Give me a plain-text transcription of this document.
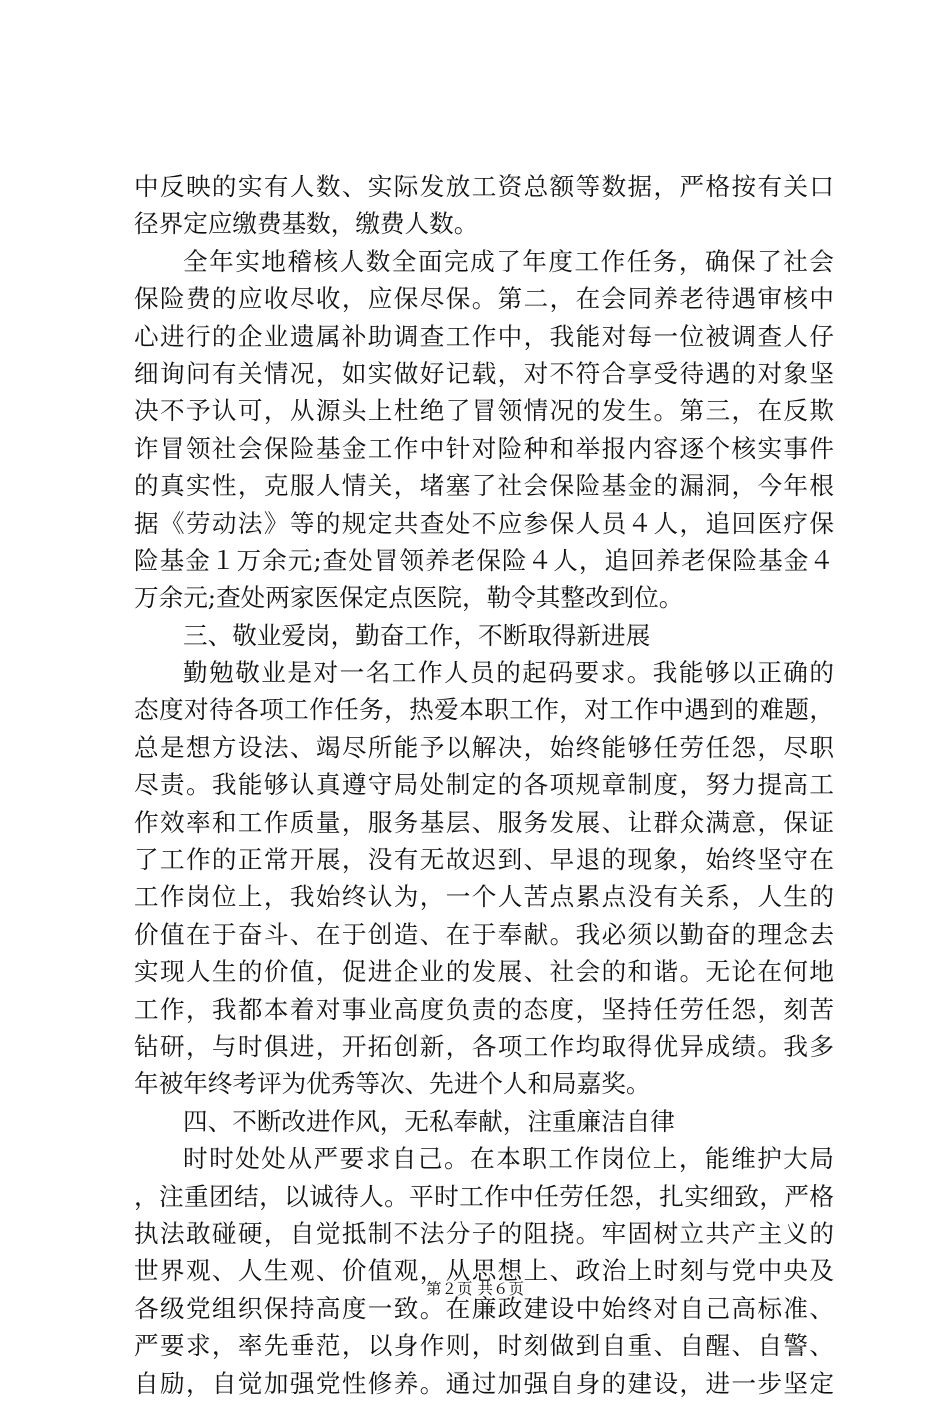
中反映的实有人数、实际发放工资总额等数据，严格按有关口
径界定应缴费基数，缴费人数。
全年实地稽核人数全面完成了年度工作任务，确保了社会
保险费的应收尽收，应保尽保。第二，在会同养老待遇审核中
心进行的企业遗属补助调查工作中，我能对每一位被调查人仔
细询问有关情况，如实做好记载，对不符合享受待遇的对象坚
决不予认可，从源头上杜绝了冒领情况的发生。第三，在反欺
诈冒领社会保险基金工作中针对险种和举报内容逐个核实事件
的真实性，克服人情关，堵塞了社会保险基金的漏洞，今年根
据《劳动法》等的规定共查处不应参保人员４人，追回医疗保
险基金１万余元;查处冒领养老保险４人，追回养老保险基金４
万余元;查处两家医保定点医院，勒令其整改到位。
三、敬业爱岗，勤奋工作，不断取得新进展
勤勉敬业是对一名工作人员的起码要求。我能够以正确的
态度对待各项工作任务，热爱本职工作，对工作中遇到的难题，
总是想方设法、竭尽所能予以解决，始终能够任劳任怨，尽职
尽责。我能够认真遵守局处制定的各项规章制度，努力提高工
作效率和工作质量，服务基层、服务发展、让群众满意，保证
了工作的正常开展，没有无故迟到、早退的现象，始终坚守在
工作岗位上，我始终认为，一个人苦点累点没有关系，人生的
价值在于奋斗、在于创造、在于奉献。我必须以勤奋的理念去
实现人生的价值，促进企业的发展、社会的和谐。无论在何地
工作，我都本着对事业高度负责的态度，坚持任劳任怨，刻苦
钻研，与时俱进，开拓创新，各项工作均取得优异成绩。我多
年被年终考评为优秀等次、先进个人和局嘉奖。
四、不断改进作风，无私奉献，注重廉洁自律
时时处处从严要求自己。在本职工作岗位上，能维护大局
，注重团结，以诚待人。平时工作中任劳任怨，扎实细致，严格
执法敢碰硬，自觉抵制不法分子的阻挠。牢固树立共产主义的
世界观、人生观、价值观，从思想上、政治上时刻与党中央及
各级党组织保持高度一致。在廉政建设中始终对自己高标准、
严要求，率先垂范，以身作则，时刻做到自重、自醒、自警、
自励，自觉加强党性修养。通过加强自身的建设，进一步坚定
第２页 共６页
